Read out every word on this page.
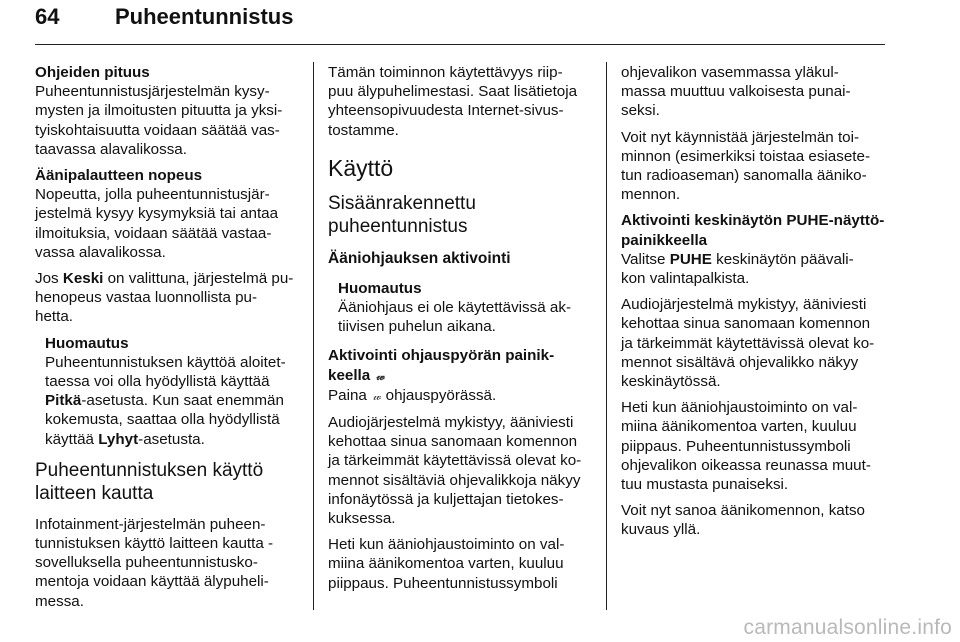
64	Puheentunnistus
Ohjeiden pituus
Puheentunnistusjärjestelmän kysy-
mysten ja ilmoitusten pituutta ja yksi-
tyiskohtaisuutta voidaan säätää vas-
taavassa alavalikossa.
Äänipalautteen nopeus
Nopeutta, jolla puheentunnistusjär-
jestelmä kysyy kysymyksiä tai antaa
ilmoituksia, voidaan säätää vastaa-
vassa alavalikossa.
Jos Keski on valittuna, järjestelmä pu-
henopeus vastaa luonnollista pu-
hetta.
Huomautus
Puheentunnistuksen käyttöä aloitet-
taessa voi olla hyödyllistä käyttää
Pitkä-asetusta. Kun saat enemmän
kokemusta, saattaa olla hyödyllistä
käyttää Lyhyt-asetusta.
Puheentunnistuksen käyttö
laitteen kautta
Infotainment-järjestelmän puheen-
tunnistuksen käyttö laitteen kautta -
sovelluksella puheentunnistusko-
mentoja voidaan käyttää älypuheli-
messa.
Tämän toiminnon käytettävyys riip-
puu älypuhelimestasi. Saat lisätietoja
yhteensopivuudesta Internet-sivus-
tostamme.
Käyttö
Sisäänrakennettu
puheentunnistus
Ääniohjauksen aktivointi
Huomautus
Ääniohjaus ei ole käytettävissä ak-
tiivisen puhelun aikana.
Aktivointi ohjauspyörän painik-
keella 𝓌
Paina 𝓌 ohjauspyörässä.
Audiojärjestelmä mykistyy, ääniviesti
kehottaa sinua sanomaan komennon
ja tärkeimmät käytettävissä olevat ko-
mennot sisältäviä ohjevalikkoja näkyy
infonäytössä ja kuljettajan tietokes-
kuksessa.
Heti kun ääniohjaustoiminto on val-
miina äänikomentoa varten, kuuluu
piippaus. Puheentunnistussymboli
ohjevalikon vasemmassa yläkul-
massa muuttuu valkoisesta punai-
seksi.
Voit nyt käynnistää järjestelmän toi-
minnon (esimerkiksi toistaa esiasete-
tun radioaseman) sanomalla ääniko-
mennon.
Aktivointi keskinäytön PUHE-näyttö-
painikkeella
Valitse PUHE keskinäytön päävali-
kon valintapalkista.
Audiojärjestelmä mykistyy, ääniviesti
kehottaa sinua sanomaan komennon
ja tärkeimmät käytettävissä olevat ko-
mennot sisältävä ohjevalikko näkyy
keskinäytössä.
Heti kun ääniohjaustoiminto on val-
miina äänikomentoa varten, kuuluu
piippaus. Puheentunnistussymboli
ohjevalikon oikeassa reunassa muut-
tuu mustasta punaiseksi.
Voit nyt sanoa äänikomennon, katso
kuvaus yllä.
carmanualsonline.info
